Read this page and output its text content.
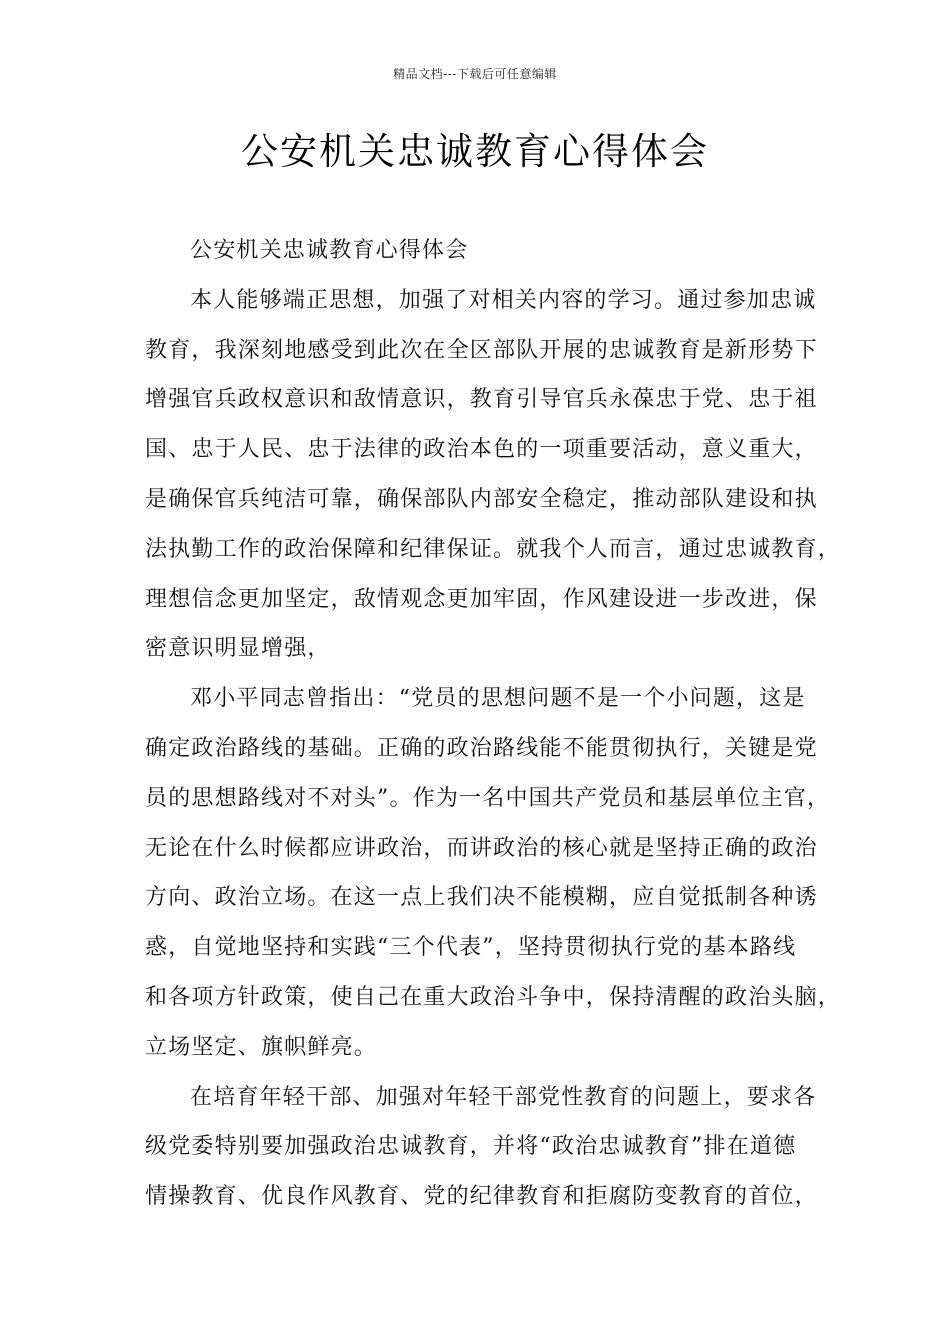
精品文档---下载后可任意编辑
公安机关忠诚教育心得体会

公安机关忠诚教育心得体会

本人能够端正思想，加强了对相关内容的学习。通过参加忠诚
教育，我深刻地感受到此次在全区部队开展的忠诚教育是新形势下
增强官兵政权意识和敌情意识，教育引导官兵永葆忠于党、忠于祖
国、忠于人民、忠于法律的政治本色的一项重要活动，意义重大，
是确保官兵纯洁可靠，确保部队内部安全稳定，推动部队建设和执
法执勤工作的政治保障和纪律保证。就我个人而言，通过忠诚教育，
理想信念更加坚定，敌情观念更加牢固，作风建设进一步改进，保
密意识明显增强，

邓小平同志曾指出：“党员的思想问题不是一个小问题，这是
确定政治路线的基础。正确的政治路线能不能贯彻执行，关键是党
员的思想路线对不对头”。作为一名中国共产党员和基层单位主官，
无论在什么时候都应讲政治，而讲政治的核心就是坚持正确的政治
方向、政治立场。在这一点上我们决不能模糊，应自觉抵制各种诱
惑，自觉地坚持和实践“三个代表”，坚持贯彻执行党的基本路线
和各项方针政策，使自己在重大政治斗争中，保持清醒的政治头脑，
立场坚定、旗帜鲜亮。

在培育年轻干部、加强对年轻干部党性教育的问题上，要求各
级党委特别要加强政治忠诚教育，并将“政治忠诚教育”排在道德
情操教育、优良作风教育、党的纪律教育和拒腐防变教育的首位，
